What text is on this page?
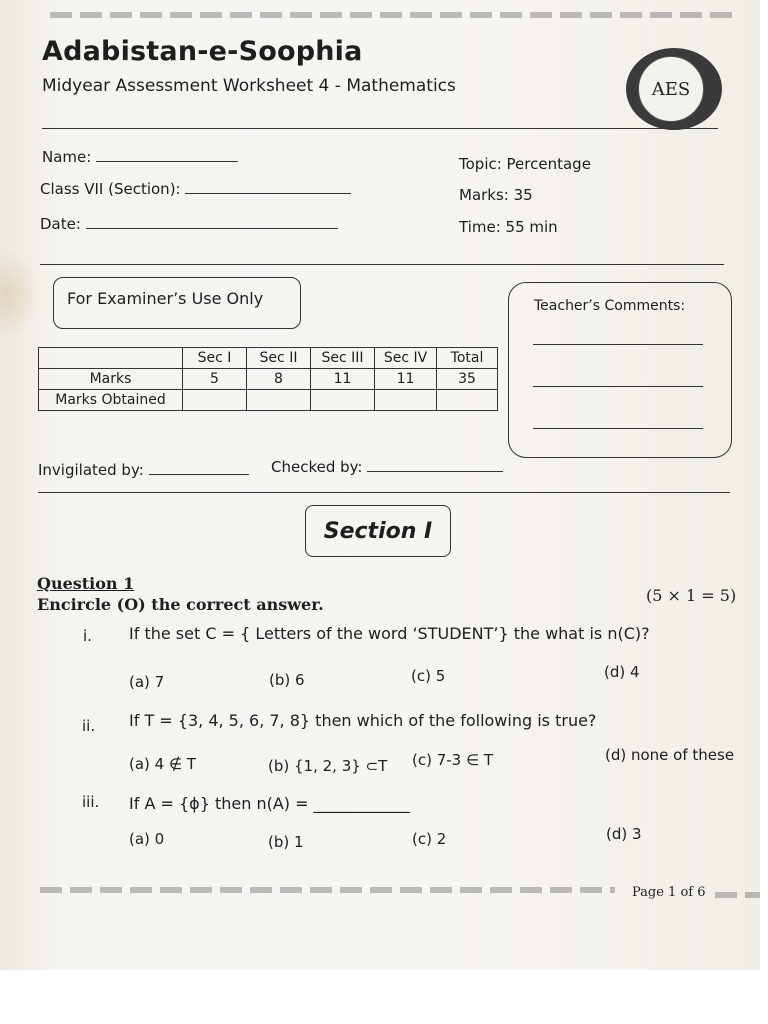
Adabistan-e-Soophia
Midyear Assessment Worksheet 4 - Mathematics	AES
Name:
Class VII (Section):
Date:
Topic: Percentage
Marks: 35
Time: 55 min
For Examiner’s Use Only	Teacher’s Comments:
	Sec I	Sec II	Sec III	Sec IV	Total
Marks	5	8	11	11	35
Marks Obtained					
Invigilated by:	Checked by:
Section I
Question 1
Encircle (O) the correct answer.	(5 × 1 = 5)
i. If the set C = { Letters of the word ‘STUDENT’} the what is n(C)?
(a) 7	(b) 6	(c) 5	(d) 4
ii. If T = {3, 4, 5, 6, 7, 8} then which of the following is true?
(a) 4 ∉ T	(b) {1, 2, 3} ⊂T (c) 7-3 ∈ T	(d) none of these
iii. If A = {ϕ} then n(A) = ____________
(a) 0	(b) 1	(c) 2	(d) 3
Page 1 of 6
